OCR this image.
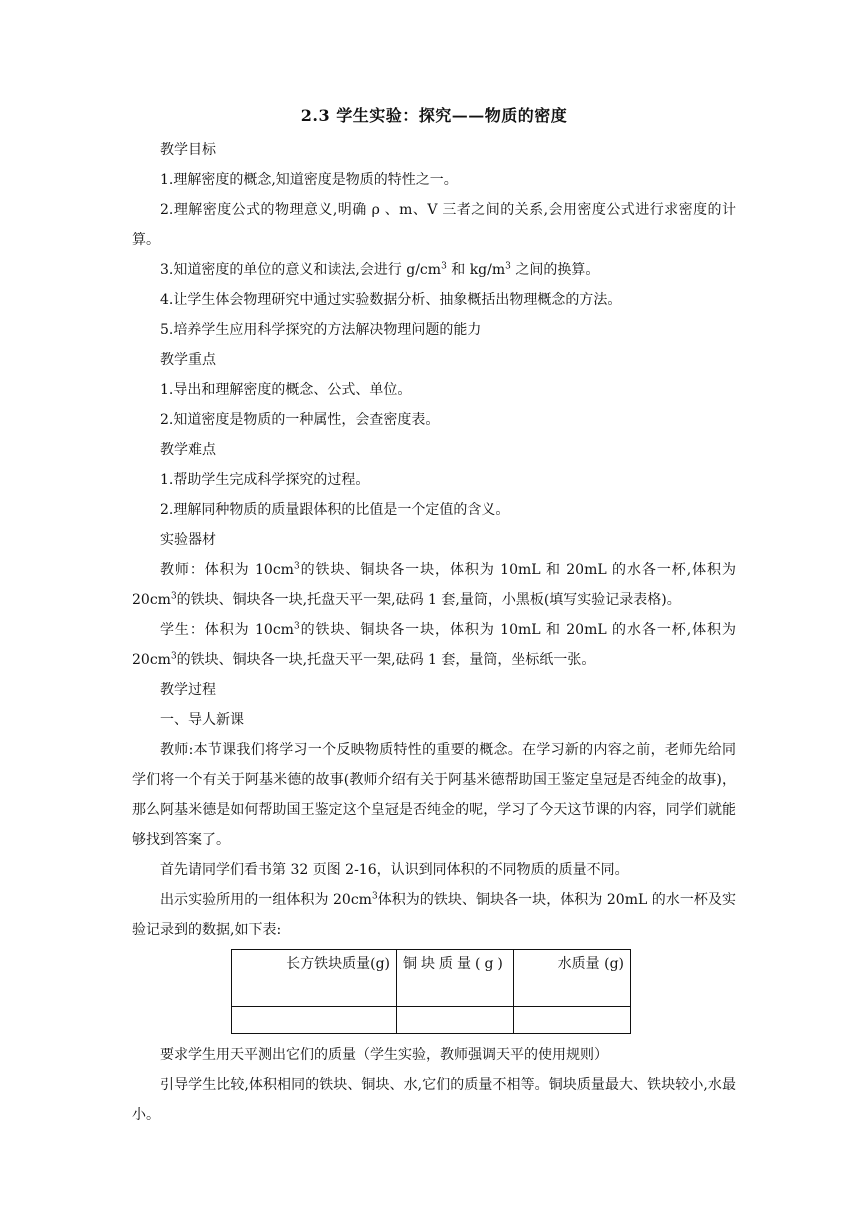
2.3 学生实验：探究——物质的密度

教学目标

1.理解密度的概念,知道密度是物质的特性之一。

2.理解密度公式的物理意义,明确 ρ 、m、V 三者之间的关系,会用密度公式进行求密度的计算。

3.知道密度的单位的意义和读法,会进行 $g/cm^3$ 和 $kg/m^3$ 之间的换算。

4.让学生体会物理研究中通过实验数据分析、抽象概括出物理概念的方法。

5.培养学生应用科学探究的方法解决物理问题的能力

教学重点

1.导出和理解密度的概念、公式、单位。

2.知道密度是物质的一种属性，会查密度表。

教学难点

1.帮助学生完成科学探究的过程。

2.理解同种物质的质量跟体积的比值是一个定值的含义。

实验器材

教师：体积为 $10cm^3$的铁块、铜块各一块，体积为 10mL 和 20mL 的水各一杯,体积为 $20cm^3$的铁块、铜块各一块,托盘天平一架,砝码 1 套,量筒，小黑板(填写实验记录表格)。

学生：体积为 $10cm^3$的铁块、铜块各一块，体积为 10mL 和 20mL 的水各一杯,体积为 $20cm^3$的铁块、铜块各一块,托盘天平一架,砝码 1 套，量筒，坐标纸一张。

教学过程

一、导人新课

教师:本节课我们将学习一个反映物质特性的重要的概念。在学习新的内容之前，老师先给同学们将一个有关于阿基米德的故事(教师介绍有关于阿基米德帮助国王鉴定皇冠是否纯金的故事)，那么阿基米德是如何帮助国王鉴定这个皇冠是否纯金的呢，学习了今天这节课的内容，同学们就能够找到答案了。

首先请同学们看书第 32 页图 2-16，认识到同体积的不同物质的质量不同。

出示实验所用的一组体积为 $20cm^3$体积为的铁块、铜块各一块，体积为 20mL 的水一杯及实验记录到的数据,如下表:

长方铁块质量(g)	铜块质量(g)	水质量 (g)

要求学生用天平测出它们的质量（学生实验，教师强调天平的使用规则）

引导学生比较,体积相同的铁块、铜块、水,它们的质量不相等。铜块质量最大、铁块较小,水最小。
